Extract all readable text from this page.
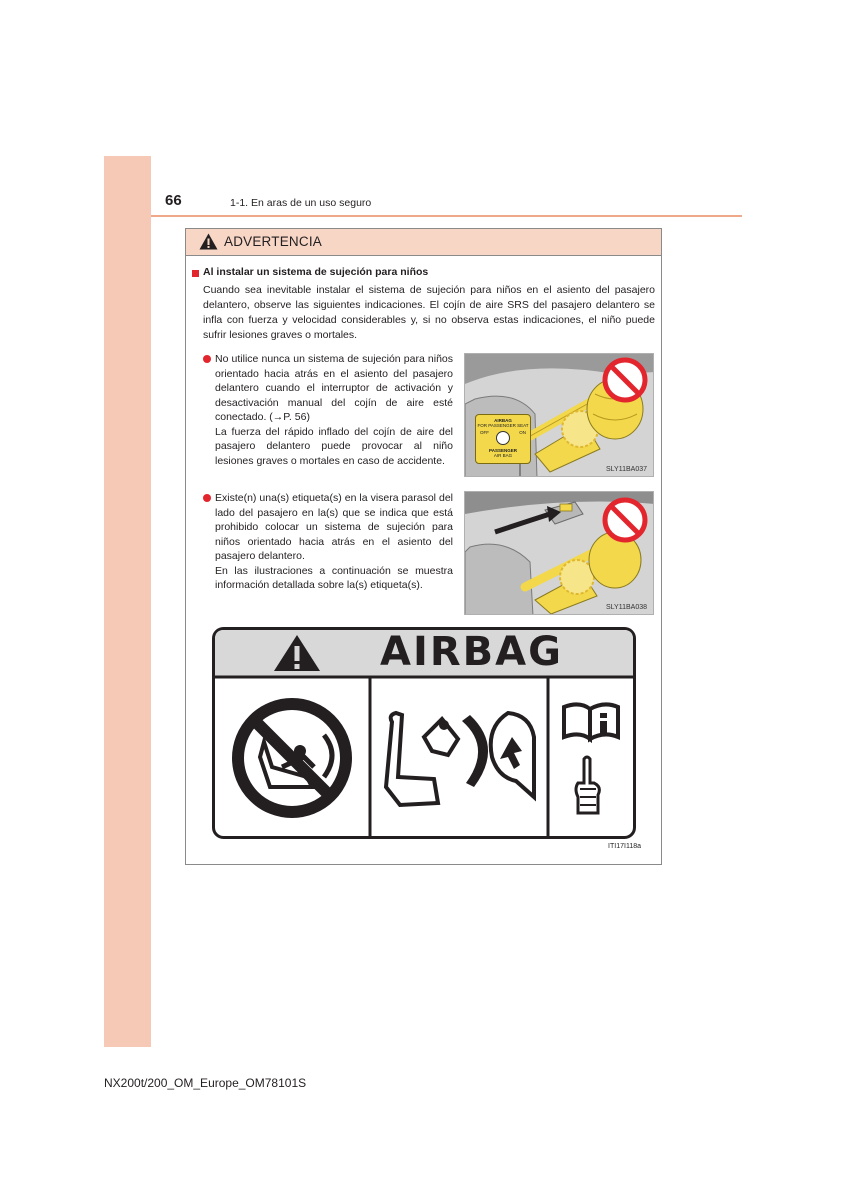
66	1-1. En aras de un uso seguro
ADVERTENCIA
Al instalar un sistema de sujeción para niños
Cuando sea inevitable instalar el sistema de sujeción para niños en el asiento del pasajero delantero, observe las siguientes indicaciones. El cojín de aire SRS del pasajero delantero se infla con fuerza y velocidad considerables y, si no observa estas indicaciones, el niño puede sufrir lesiones graves o mortales.

No utilice nunca un sistema de sujeción para niños orientado hacia atrás en el asiento del pasajero delantero cuando el interruptor de activación y desactivación manual del cojín de aire esté conectado. (→P. 56)

La fuerza del rápido inflado del cojín de aire del pasajero delantero puede provocar al niño lesiones graves o mortales en caso de accidente.

AIRBAG
FOR PASSENGER SEAT
OFF	ON
PASSENGER
AIR BAG
SLY11BA037

Existe(n) una(s) etiqueta(s) en la visera parasol del lado del pasajero en la(s) que se indica que está prohibido colocar un sistema de sujeción para niños orientado hacia atrás en el asiento del pasajero delantero.

En las ilustraciones a continuación se muestra información detallada sobre la(s) etiqueta(s).

SLY11BA038
AIRBAG
ITI17I118a
NX200t/200_OM_Europe_OM78101S
